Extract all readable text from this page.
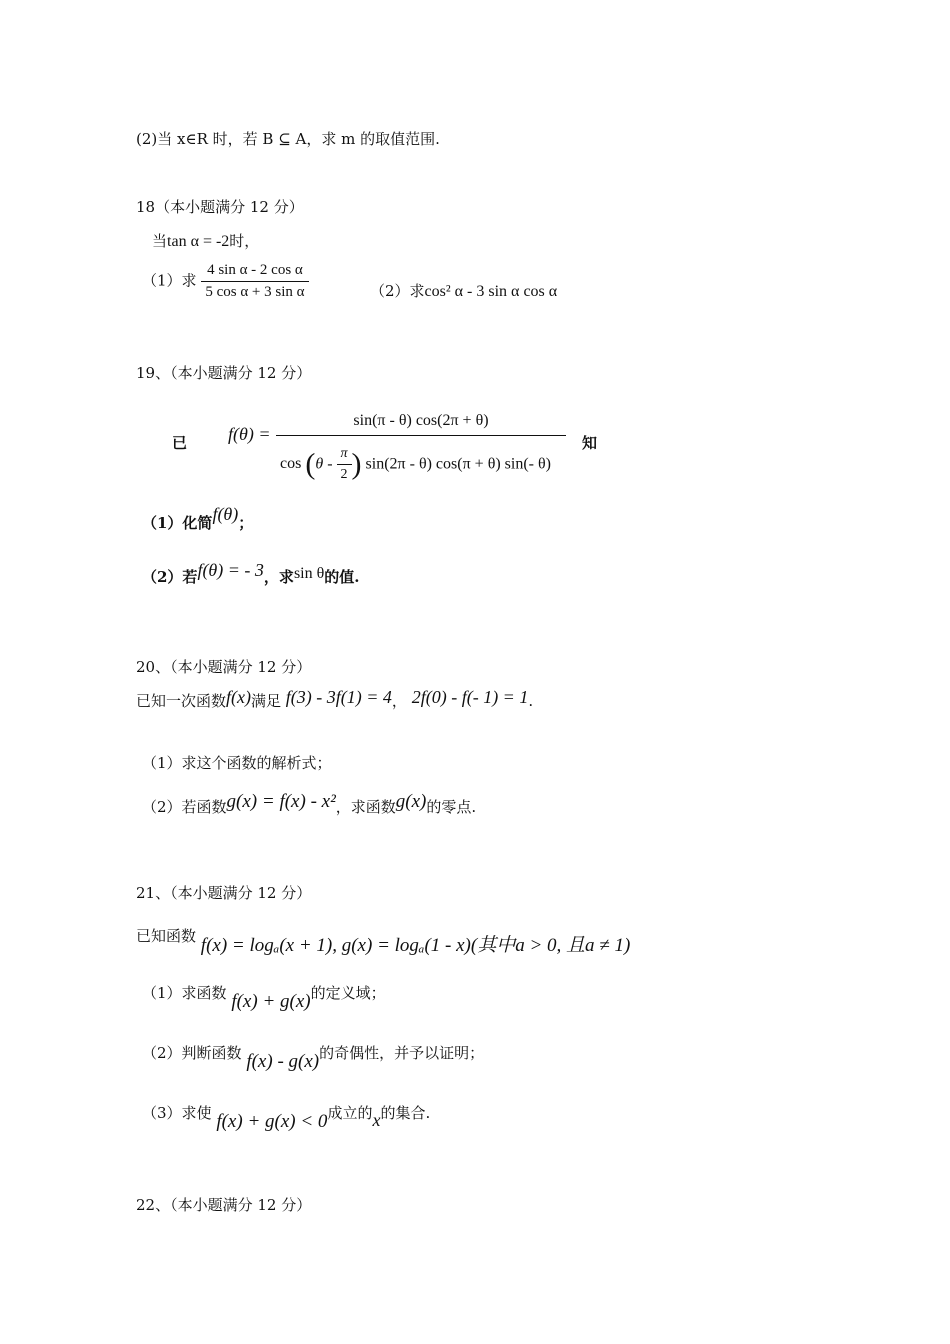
(2)当 x∈R 时，若 B ⊆ A，求 m 的取值范围.
18（本小题满分 12 分）
当tan α = -2时，
（1）求 $\frac{\text{4 sin α - 2 cos α}}{\text{5 cos α + 3 sin α}}$	（2）求cos² α - 3 sin α cos α
19、（本小题满分 12 分）
已 f(θ) =
sin(π - θ) cos(2π + θ)
$\cos (\theta - \frac{\pi}{2}$ ) sin(2π - θ) cos(π + θ) sin(- θ)
知
（1）化简f(θ)；
（2）若f(θ) = - 3，求sin θ的值.
20、（本小题满分 12 分）
已知一次函数f(x)满足 f(3) - 3f(1) = 4， 2f(0) - f(- 1) = 1.
（1）求这个函数的解析式；
（2）若函数g(x) = f(x) - x²，求函数g(x)的零点.
21、（本小题满分 12 分）
已知函数 f(x) = logₐ(x + 1), g(x) = logₐ(1 - x)(其中a > 0, 且a ≠ 1)
（1）求函数 f(x) + g(x)的定义域；
（2）判断函数 f(x) - g(x)的奇偶性，并予以证明；
（3）求使 f(x) + g(x) < 0成立的x的集合.
22、（本小题满分 12 分）
